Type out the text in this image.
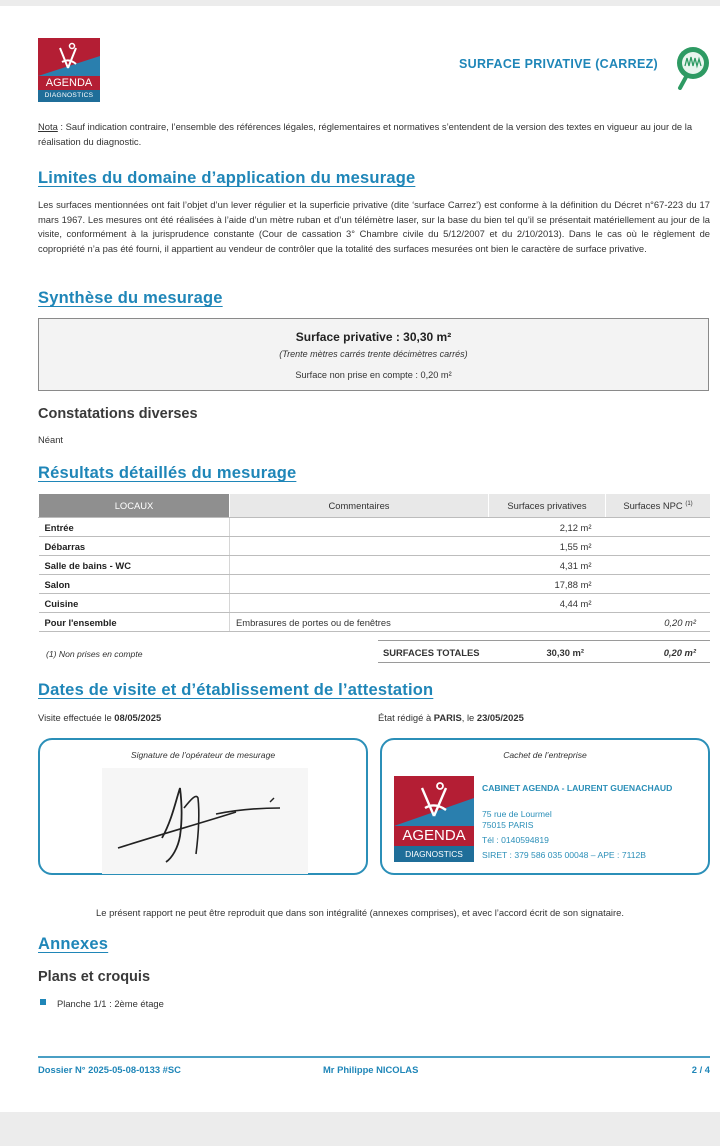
AGENDA
DIAGNOSTICS
SURFACE PRIVATIVE (CARREZ)
Nota : Sauf indication contraire, l’ensemble des références légales, réglementaires et normatives s’entendent de la version des textes en vigueur au jour de la réalisation du diagnostic.
Limites du domaine d’application du mesurage
Les surfaces mentionnées ont fait l’objet d’un lever régulier et la superficie privative (dite ‘surface Carrez’) est conforme à la définition du Décret n°67-223 du 17 mars 1967. Les mesures ont été réalisées à l’aide d’un mètre ruban et d’un télémètre laser, sur la base du bien tel qu’il se présentait matériellement au jour de la visite, conformément à la jurisprudence constante (Cour de cassation 3° Chambre civile du 5/12/2007 et du 2/10/2013). Dans le cas où le règlement de copropriété n’a pas été fourni, il appartient au vendeur de contrôler que la totalité des surfaces mesurées ont bien le caractère de surface privative.
Synthèse du mesurage
Surface privative : 30,30 m²
(Trente mètres carrés trente décimètres carrés)
Surface non prise en compte : 0,20 m²
Constatations diverses
Néant
Résultats détaillés du mesurage
LOCAUX	Commentaires	Surfaces privatives	Surfaces NPC $^{(1)}$
Entrée		2,12 m²	
Débarras		1,55 m²	
Salle de bains - WC		4,31 m²	
Salon		17,88 m²	
Cuisine		4,44 m²	
Pour l'ensemble	Embrasures de portes ou de fenêtres		0,20 m²
(1) Non prises en compte	SURFACES TOTALES	30,30 m²	0,20 m²
Dates de visite et d’établissement de l’attestation
Visite effectuée le 08/05/2025	État rédigé à PARIS, le 23/05/2025
Signature de l’opérateur de mesurage	Cachet de l’entreprise
AGENDA
DIAGNOSTICS
CABINET AGENDA - LAURENT GUENACHAUD
75 rue de Lourmel
75015 PARIS
Tél : 0140594819
SIRET : 379 586 035 00048 – APE : 7112B
Le présent rapport ne peut être reproduit que dans son intégralité (annexes comprises), et avec l’accord écrit de son signataire.
Annexes
Plans et croquis
Planche 1/1 : 2ème étage
Dossier N° 2025-05-08-0133 #SC	Mr Philippe NICOLAS	2 / 4
